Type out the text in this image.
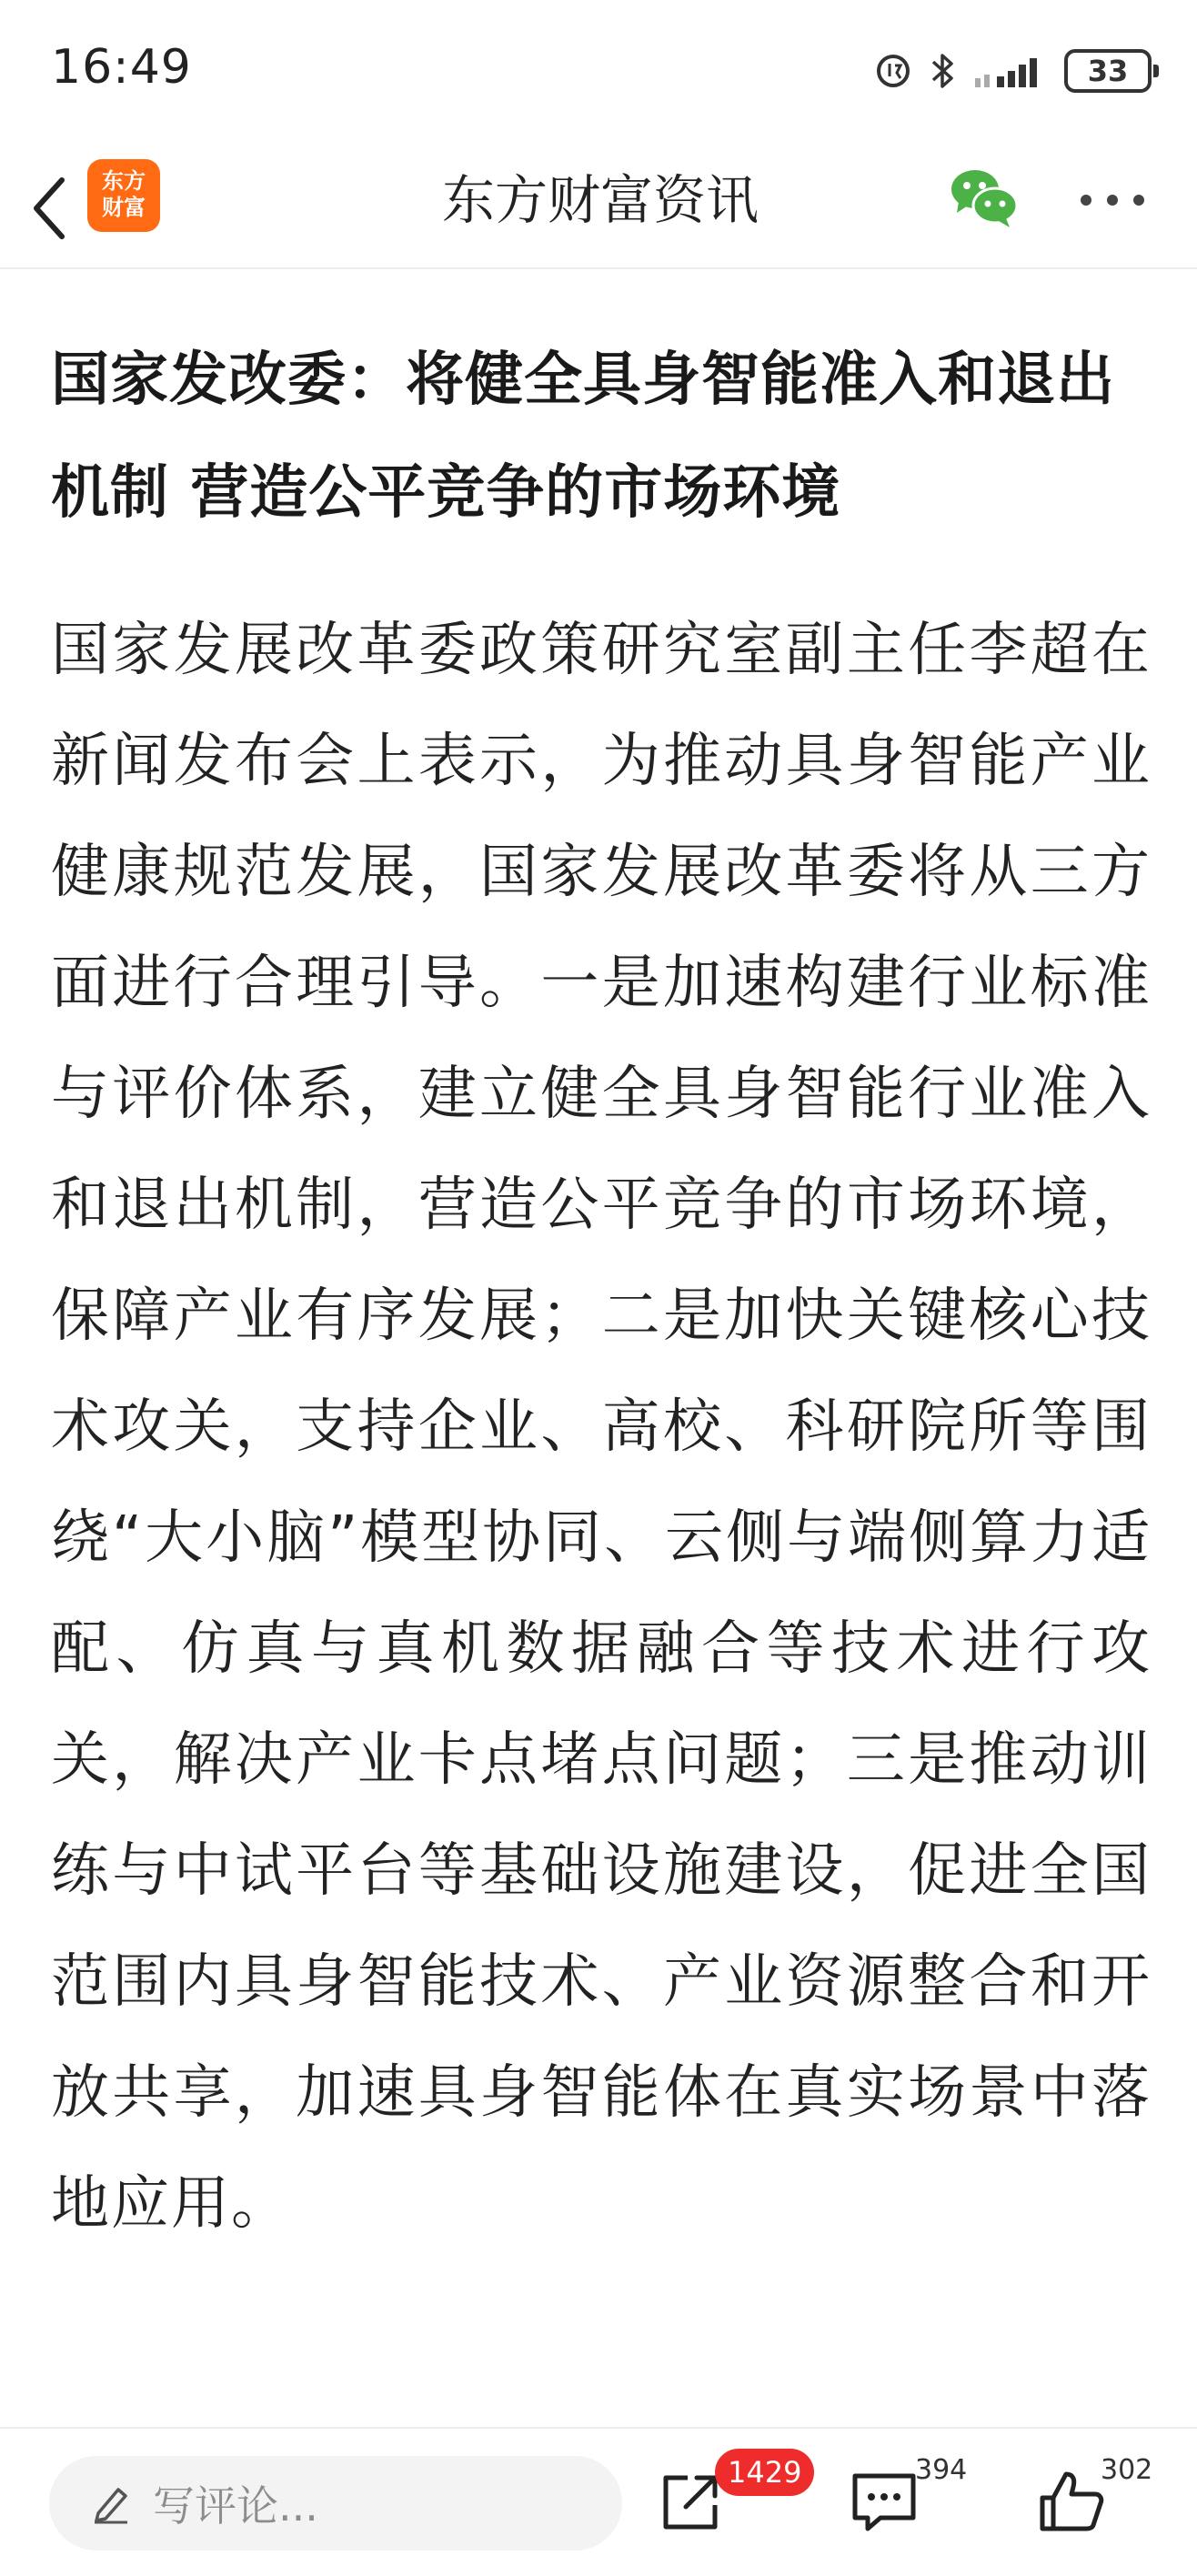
16:49	33
东方
财富	东方财富资讯
国家发改委：将健全具身智能准入和退出机制 营造公平竞争的市场环境
国家发展改革委政策研究室副主任李超在新闻发布会上表示，为推动具身智能产业健康规范发展，国家发展改革委将从三方面进行合理引导。一是加速构建行业标准与评价体系，建立健全具身智能行业准入和退出机制，营造公平竞争的市场环境，保障产业有序发展；二是加快关键核心技术攻关，支持企业、高校、科研院所等围绕“大小脑”模型协同、云侧与端侧算力适配、仿真与真机数据融合等技术进行攻关，解决产业卡点堵点问题；三是推动训练与中试平台等基础设施建设，促进全国范围内具身智能技术、产业资源整合和开放共享，加速具身智能体在真实场景中落地应用。
写评论...
1429	394	302
